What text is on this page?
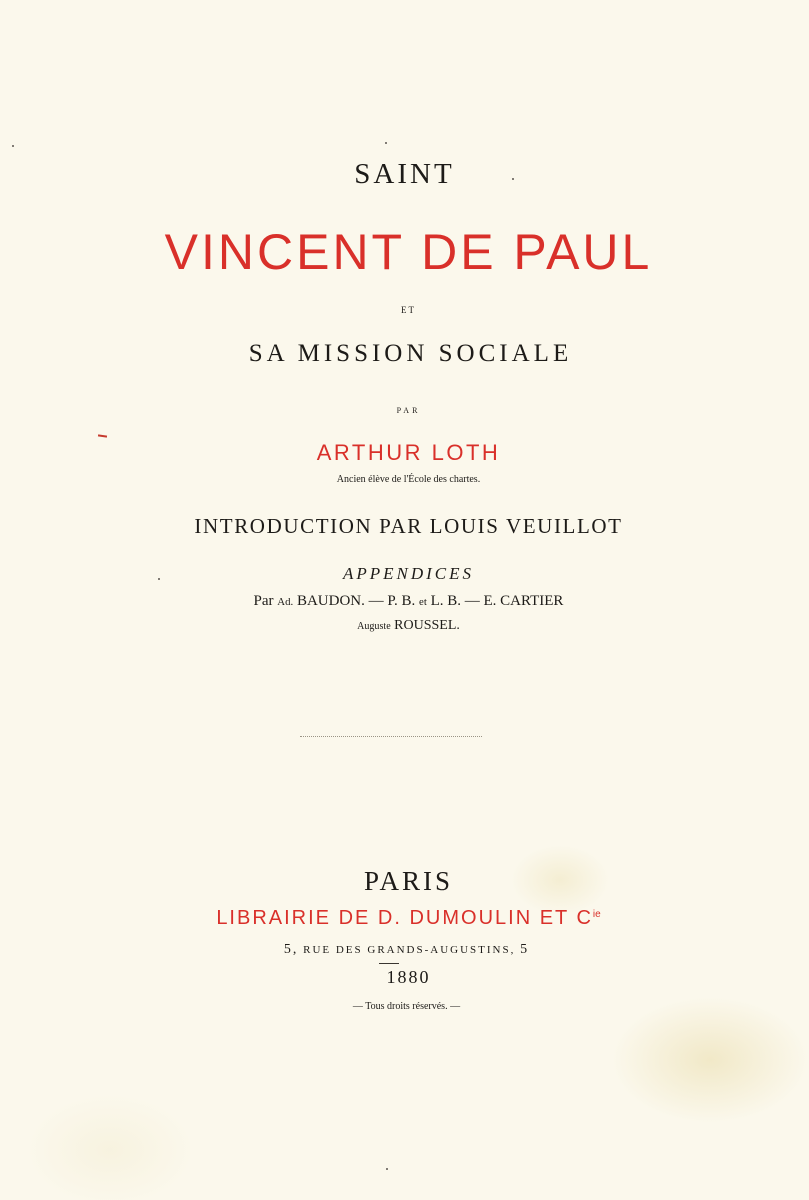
SAINT
VINCENT DE PAUL
ET
SA MISSION SOCIALE
PAR
ARTHUR LOTH
Ancien élève de l'École des chartes.
INTRODUCTION PAR LOUIS VEUILLOT
APPENDICES
Par Ad. BAUDON. — P. B. et L. B. — E. CARTIER
Auguste ROUSSEL.
PARIS
LIBRAIRIE DE D. DUMOULIN ET $C^{ie}$
5, RUE DES GRANDS-AUGUSTINS, 5
1880
— Tous droits réservés. —
